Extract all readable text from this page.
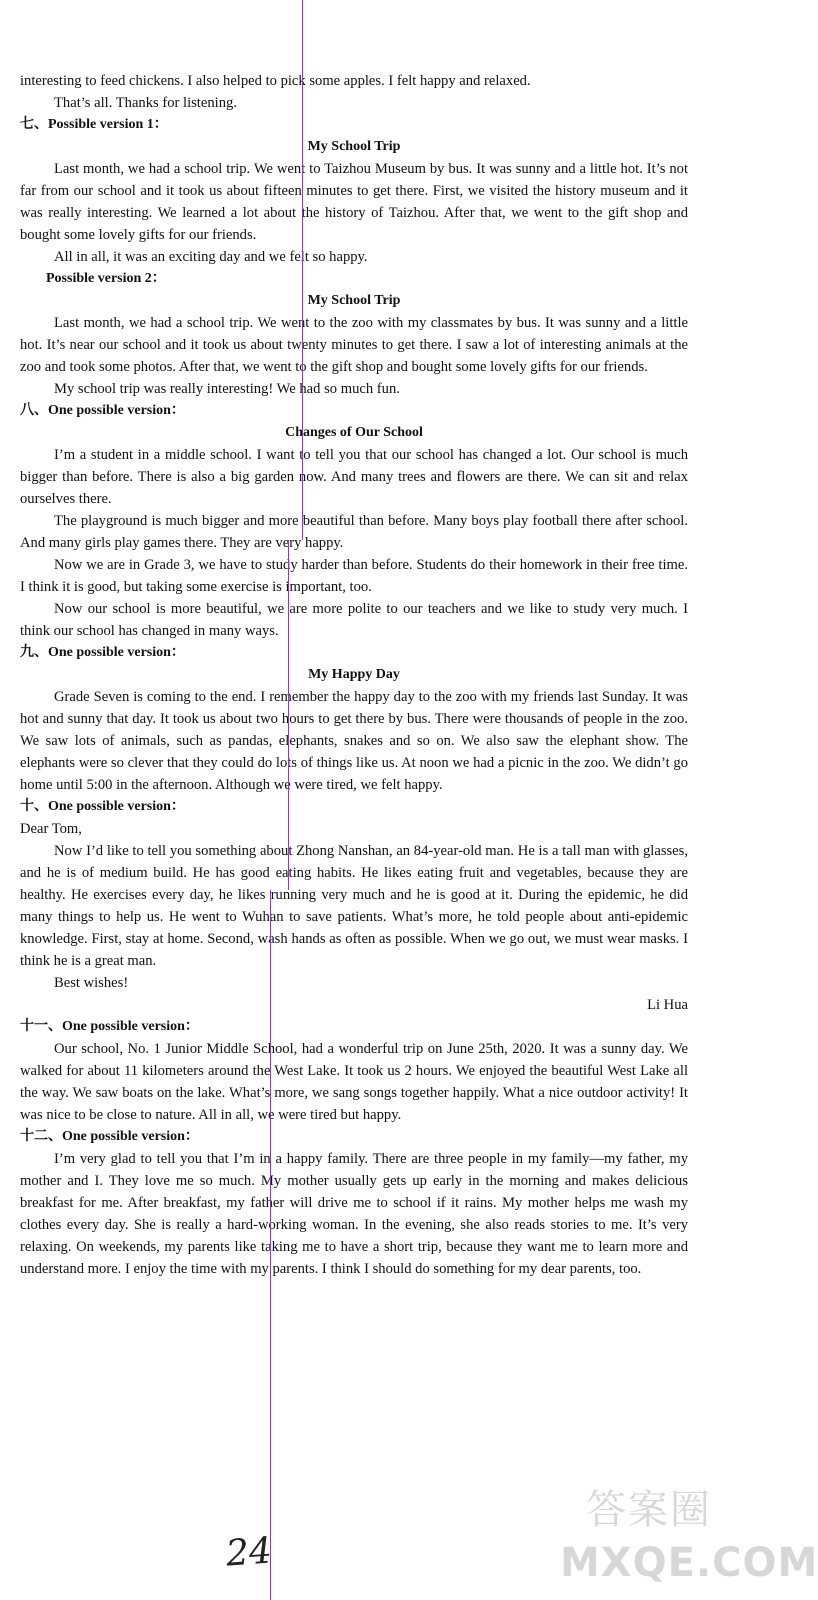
interesting to feed chickens. I also helped to pick some apples. I felt happy and relaxed.

That’s all. Thanks for listening.

七、Possible version 1：
My School Trip

Last month, we had a school trip. We went to Taizhou Museum by bus. It was sunny and a little hot. It’s not far from our school and it took us about fifteen minutes to get there. First, we visited the history museum and it was really interesting. We learned a lot about the history of Taizhou. After that, we went to the gift shop and bought some lovely gifts for our friends.

All in all, it was an exciting day and we felt so happy.

Possible version 2：
My School Trip

Last month, we had a school trip. We went to the zoo with my classmates by bus. It was sunny and a little hot. It’s near our school and it took us about twenty minutes to get there. I saw a lot of interesting animals at the zoo and took some photos. After that, we went to the gift shop and bought some lovely gifts for our friends.

My school trip was really interesting! We had so much fun.

八、One possible version：
Changes of Our School

I’m a student in a middle school. I want to tell you that our school has changed a lot. Our school is much bigger than before. There is also a big garden now. And many trees and flowers are there. We can sit and relax ourselves there.

The playground is much bigger and more beautiful than before. Many boys play football there after school. And many girls play games there. They are very happy.

Now we are in Grade 3, we have to study harder than before. Students do their homework in their free time. I think it is good, but taking some exercise is important, too.

Now our school is more beautiful, we are more polite to our teachers and we like to study very much. I think our school has changed in many ways.

九、One possible version：
My Happy Day

Grade Seven is coming to the end. I remember the happy day to the zoo with my friends last Sunday. It was hot and sunny that day. It took us about two hours to get there by bus. There were thousands of people in the zoo. We saw lots of animals, such as pandas, elephants, snakes and so on. We also saw the elephant show. The elephants were so clever that they could do lots of things like us. At noon we had a picnic in the zoo. We didn’t go home until 5:00 in the afternoon. Although we were tired, we felt happy.

十、One possible version：

Dear Tom,

Now I’d like to tell you something about Zhong Nanshan, an 84-year-old man. He is a tall man with glasses, and he is of medium build. He has good eating habits. He likes eating fruit and vegetables, because they are healthy. He exercises every day, he likes running very much and he is good at it. During the epidemic, he did many things to help us. He went to Wuhan to save patients. What’s more, he told people about anti-epidemic knowledge. First, stay at home. Second, wash hands as often as possible. When we go out, we must wear masks. I think he is a great man.

Best wishes!

Li Hua

十一、One possible version：

Our school, No. 1 Junior Middle School, had a wonderful trip on June 25th, 2020. It was a sunny day. We walked for about 11 kilometers around the West Lake. It took us 2 hours. We enjoyed the beautiful West Lake all the way. We saw boats on the lake. What’s more, we sang songs together happily. What a nice outdoor activity! It was nice to be close to nature. All in all, we were tired but happy.

十二、One possible version：

I’m very glad to tell you that I’m in a happy family. There are three people in my family—my father, my mother and I. They love me so much. My mother usually gets up early in the morning and makes delicious breakfast for me. After breakfast, my father will drive me to school if it rains. My mother helps me wash my clothes every day. She is really a hard-working woman. In the evening, she also reads stories to me. It’s very relaxing. On weekends, my parents like taking me to have a short trip, because they want me to learn more and understand more. I enjoy the time with my parents. I think I should do something for my dear parents, too.

24
答案圈
MXQE.COM
